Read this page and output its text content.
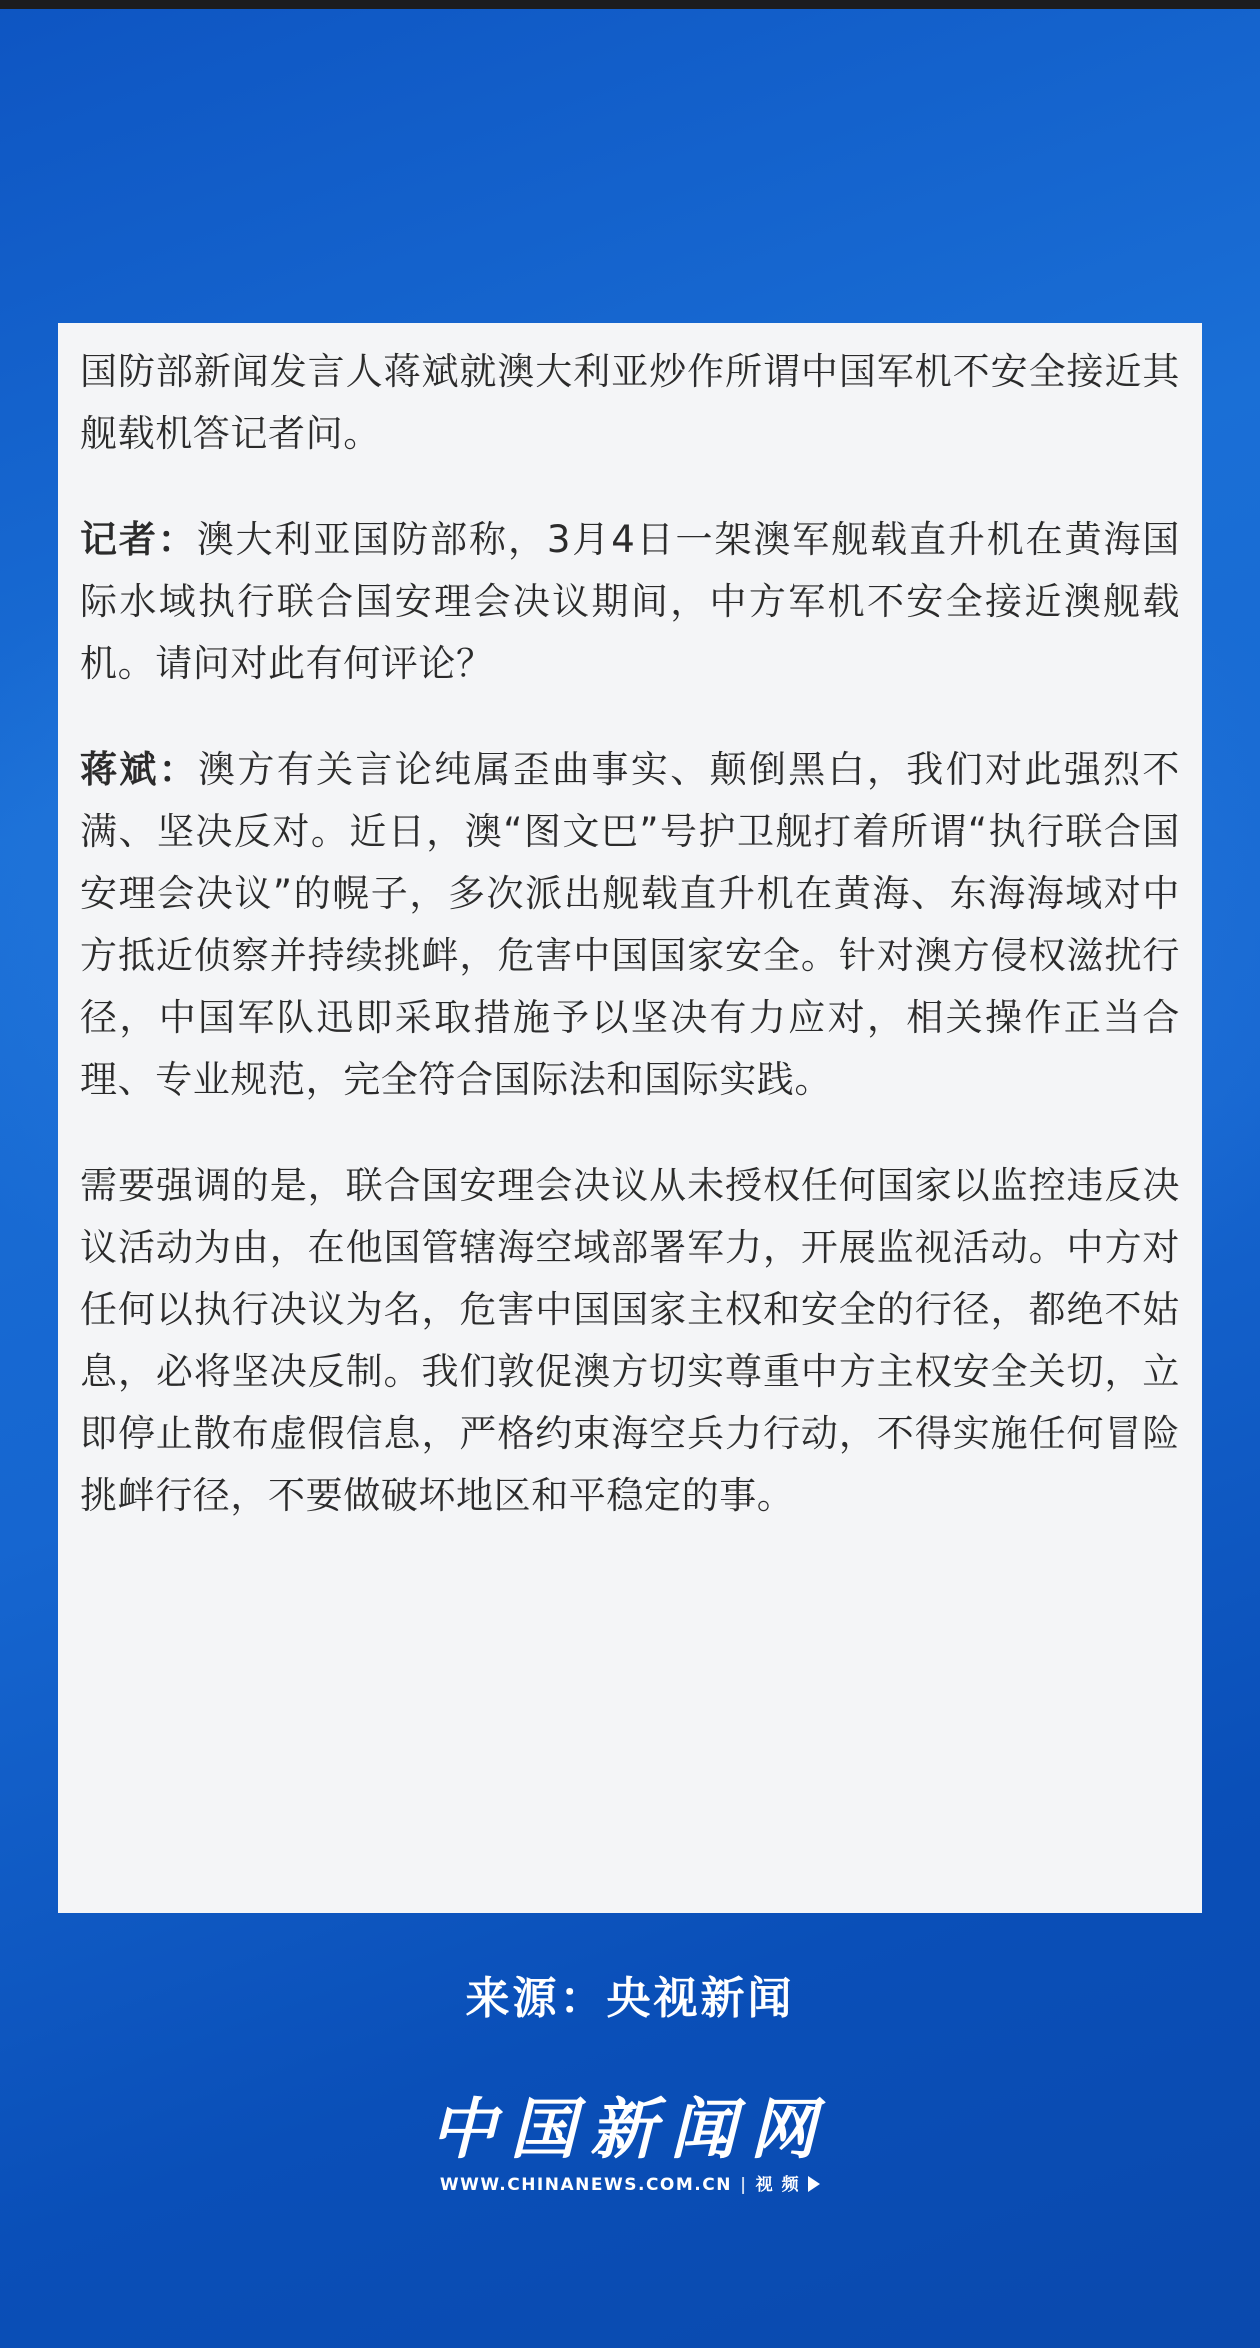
国防部新闻发言人蒋斌就澳大利亚炒作所谓中国军机不安全接近其舰载机答记者问。

记者：澳大利亚国防部称，3月4日一架澳军舰载直升机在黄海国际水域执行联合国安理会决议期间，中方军机不安全接近澳舰载机。请问对此有何评论？

蒋斌：澳方有关言论纯属歪曲事实、颠倒黑白，我们对此强烈不满、坚决反对。近日，澳“图文巴”号护卫舰打着所谓“执行联合国安理会决议”的幌子，多次派出舰载直升机在黄海、东海海域对中方抵近侦察并持续挑衅，危害中国国家安全。针对澳方侵权滋扰行径，中国军队迅即采取措施予以坚决有力应对，相关操作正当合理、专业规范，完全符合国际法和国际实践。

需要强调的是，联合国安理会决议从未授权任何国家以监控违反决议活动为由，在他国管辖海空域部署军力，开展监视活动。中方对任何以执行决议为名，危害中国国家主权和安全的行径，都绝不姑息，必将坚决反制。我们敦促澳方切实尊重中方主权安全关切，立即停止散布虚假信息，严格约束海空兵力行动，不得实施任何冒险挑衅行径，不要做破坏地区和平稳定的事。

来源：央视新闻
中国新闻网
WWW.CHINANEWS.COM.CN | 视 频
